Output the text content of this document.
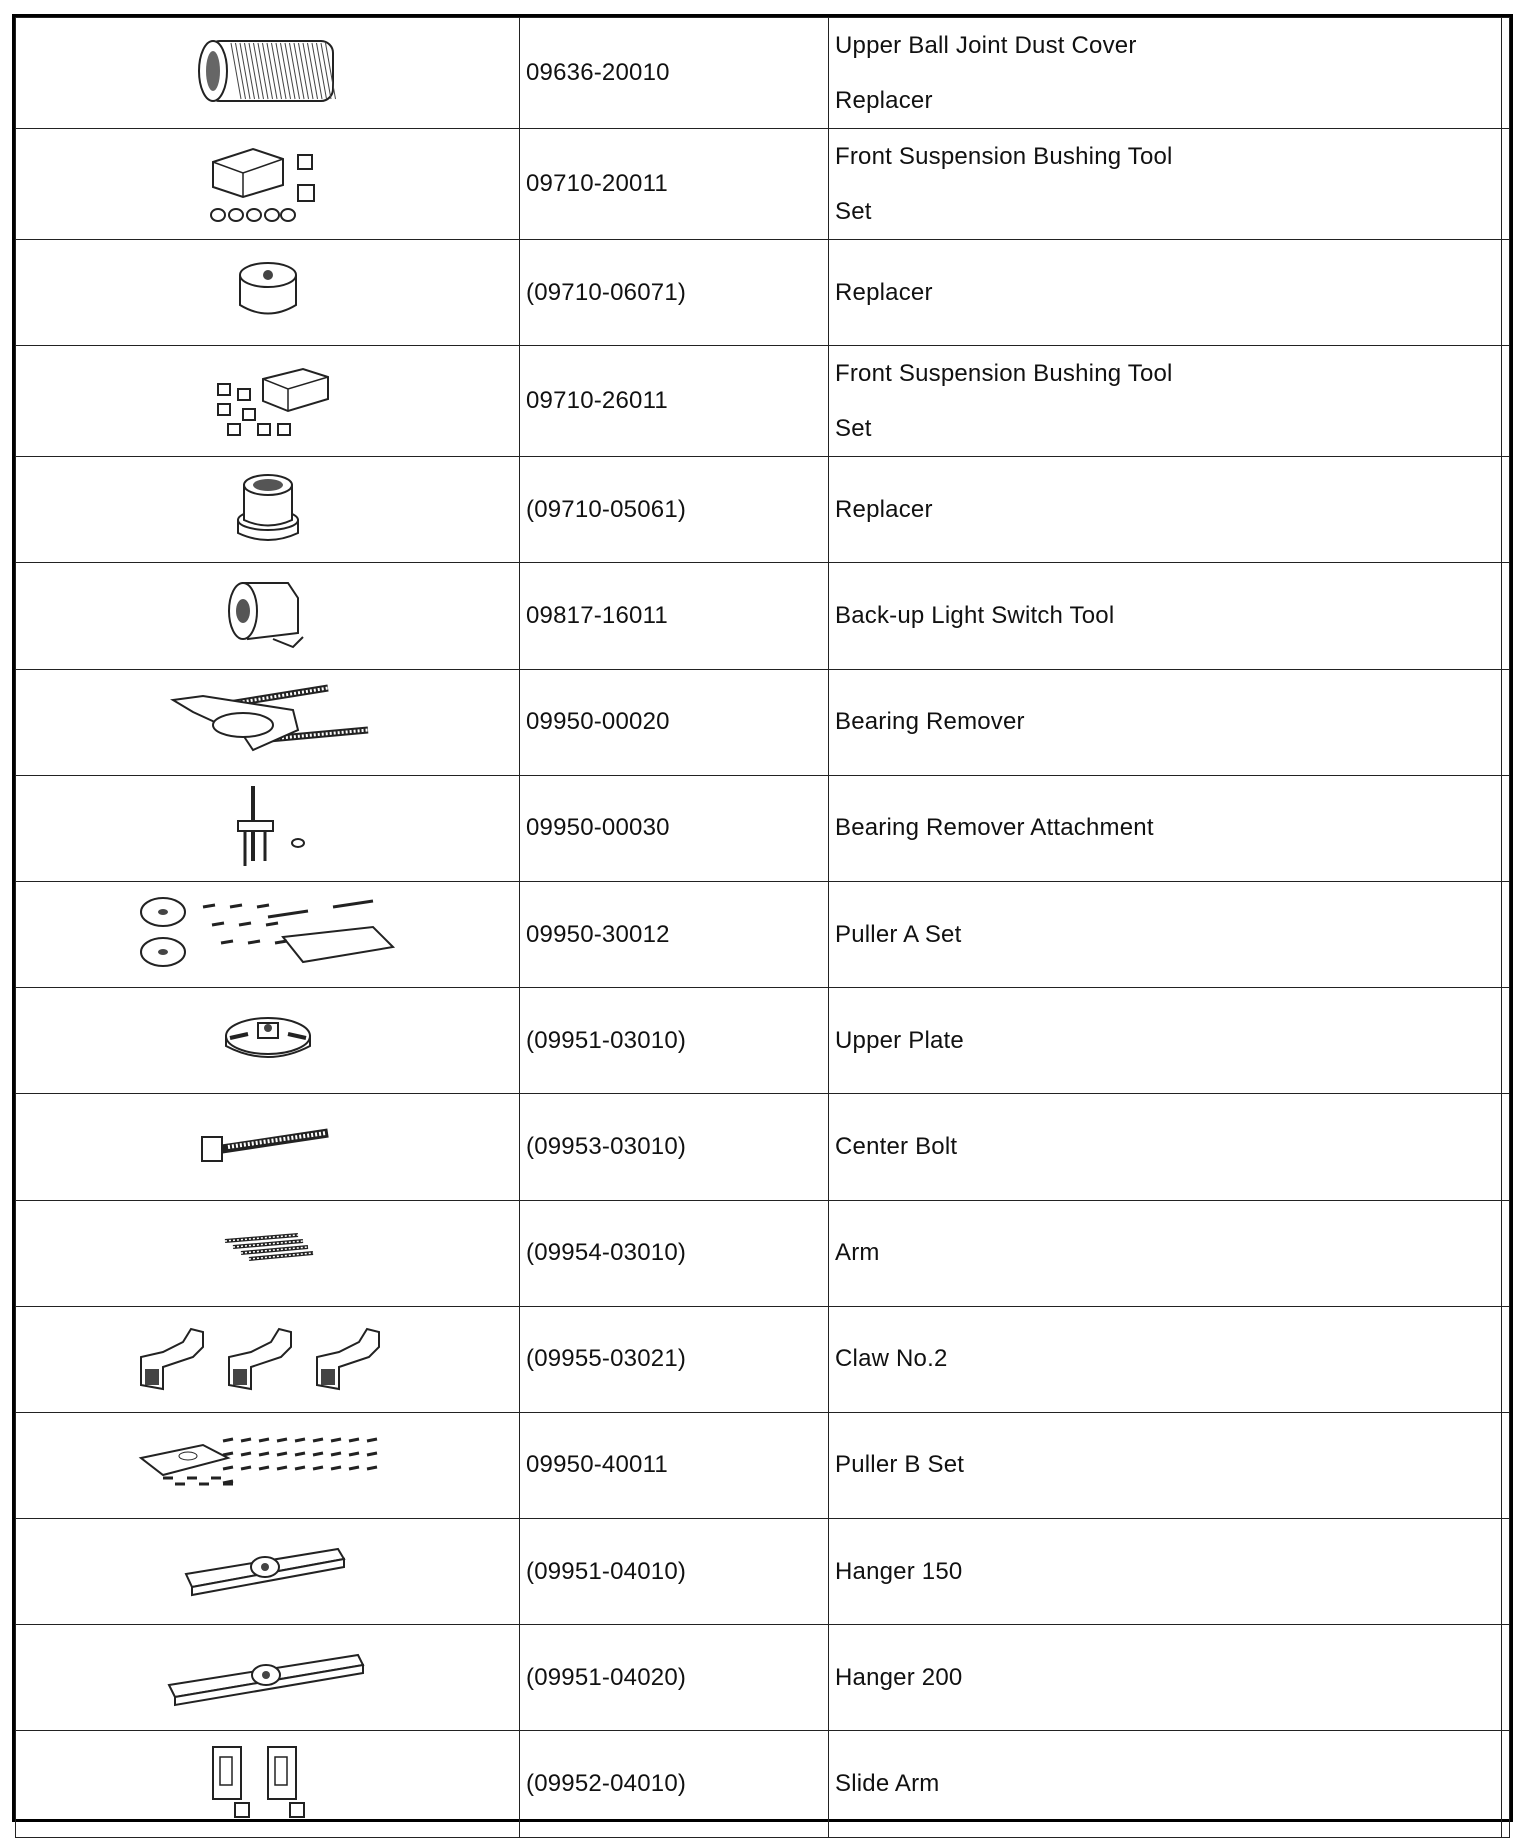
	09636-20010	Upper Ball Joint Dust Cover
Replacer	

	09710-20011	Front Suspension Bushing Tool
Set	

	(09710-06071)	Replacer	

	09710-26011	Front Suspension Bushing Tool
Set	

	(09710-05061)	Replacer	

	09817-16011	Back-up Light Switch Tool	

	09950-00020	Bearing Remover	

	09950-00030	Bearing Remover Attachment	

	09950-30012	Puller A Set	

	(09951-03010)	Upper Plate	

	(09953-03010)	Center Bolt	

	(09954-03010)	Arm	

	(09955-03021)	Claw No.2	

	09950-40011	Puller B Set	

	(09951-04010)	Hanger 150	

	(09951-04020)	Hanger 200	

	(09952-04010)	Slide Arm	
